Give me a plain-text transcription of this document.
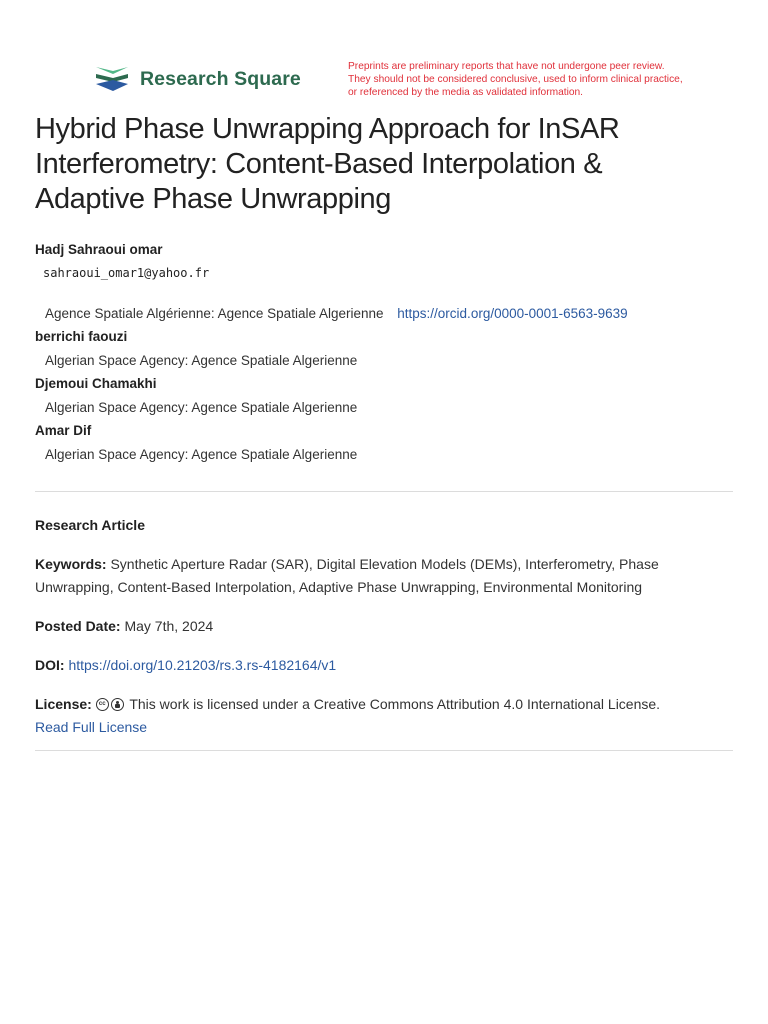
Research Square
Preprints are preliminary reports that have not undergone peer review.
They should not be considered conclusive, used to inform clinical practice,
or referenced by the media as validated information.
Hybrid Phase Unwrapping Approach for InSAR
Interferometry: Content-Based Interpolation &
Adaptive Phase Unwrapping
Hadj Sahraoui omar
sahraoui_omar1@yahoo.fr
Agence Spatiale Algérienne: Agence Spatiale Algerienne https://orcid.org/0000-0001-6563-9639
berrichi faouzi
Algerian Space Agency: Agence Spatiale Algerienne
Djemoui Chamakhi
Algerian Space Agency: Agence Spatiale Algerienne
Amar Dif
Algerian Space Agency: Agence Spatiale Algerienne
Research Article
Keywords: Synthetic Aperture Radar (SAR), Digital Elevation Models (DEMs), Interferometry, Phase
Unwrapping, Content-Based Interpolation, Adaptive Phase Unwrapping, Environmental Monitoring
Posted Date: May 7th, 2024
DOI: https://doi.org/10.21203/rs.3.rs-4182164/v1
License:	cc This work is licensed under a Creative Commons Attribution 4.0 International License.
Read Full License
